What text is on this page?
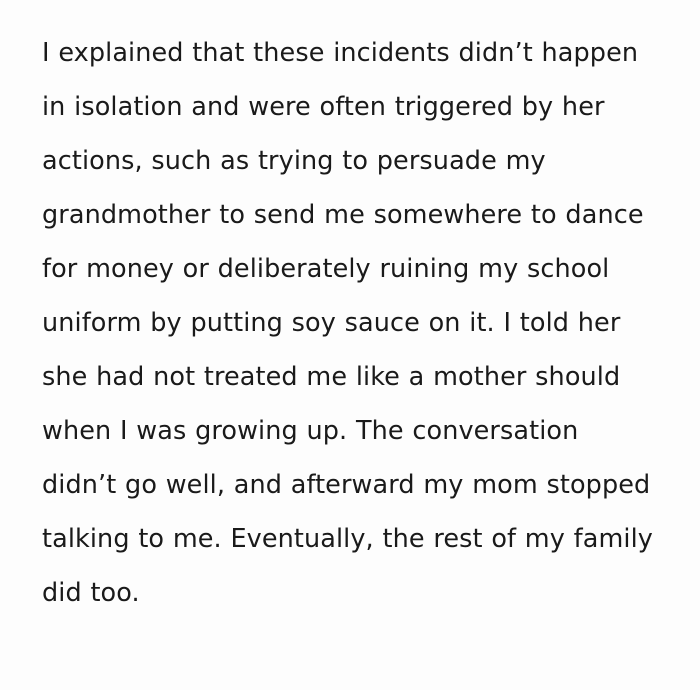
I explained that these incidents didn’t happen in isolation and were often triggered by her actions, such as trying to persuade my grandmother to send me somewhere to dance for money or deliberately ruining my school uniform by putting soy sauce on it. I told her she had not treated me like a mother should when I was growing up. The conversation didn’t go well, and afterward my mom stopped talking to me. Eventually, the rest of my family did too.
